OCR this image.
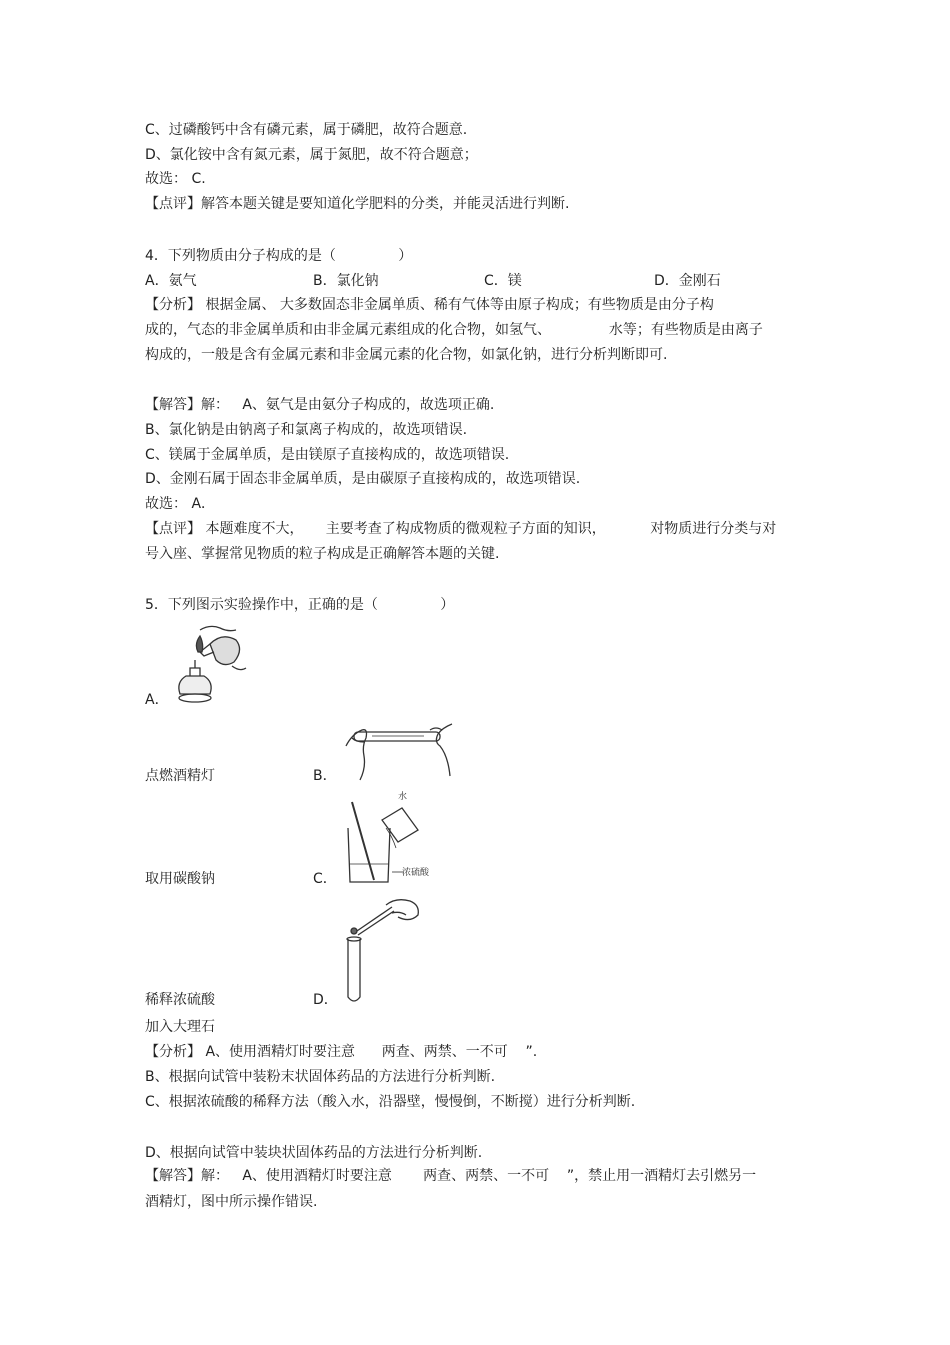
C、过磷酸钙中含有磷元素，属于磷肥，故符合题意.
D、氯化铵中含有氮元素，属于氮肥，故不符合题意；
故选： C.
【点评】解答本题关键是要知道化学肥料的分类，并能灵活进行判断.
4．下列物质由分子构成的是（              ）
A．氨气	B．氯化钠	C．镁	D．金刚石
【分析】 根据金属、 大多数固态非金属单质、稀有气体等由原子构成；有些物质是由分子构
成的，气态的非金属单质和由非金属元素组成的化合物，如氢气、             水等；有些物质是由离子
构成的，一般是含有金属元素和非金属元素的化合物，如氯化钠，进行分析判断即可.
【解答】解：   A、氨气是由氨分子构成的，故选项正确.
B、氯化钠是由钠离子和氯离子构成的，故选项错误.
C、镁属于金属单质，是由镁原子直接构成的，故选项错误.
D、金刚石属于固态非金属单质，是由碳原子直接构成的，故选项错误.
故选： A．
【点评】 本题难度不大，     主要考查了构成物质的微观粒子方面的知识，          对物质进行分类与对
号入座、掌握常见物质的粒子构成是正确解答本题的关键.
5．下列图示实验操作中，正确的是（              ）
A．
点燃酒精灯	B．
水
浓硫酸
取用碳酸钠	C．
稀释浓硫酸	D．
加入大理石
【分析】 A、使用酒精灯时要注意      两查、两禁、一不可    ”.
B、根据向试管中装粉末状固体药品的方法进行分析判断.
C、根据浓硫酸的稀释方法（酸入水，沿器壁，慢慢倒，不断搅）进行分析判断.
D、根据向试管中装块状固体药品的方法进行分析判断.
【解答】解：   A、使用酒精灯时要注意       两查、两禁、一不可    ”，禁止用一酒精灯去引燃另一
酒精灯，图中所示操作错误.
